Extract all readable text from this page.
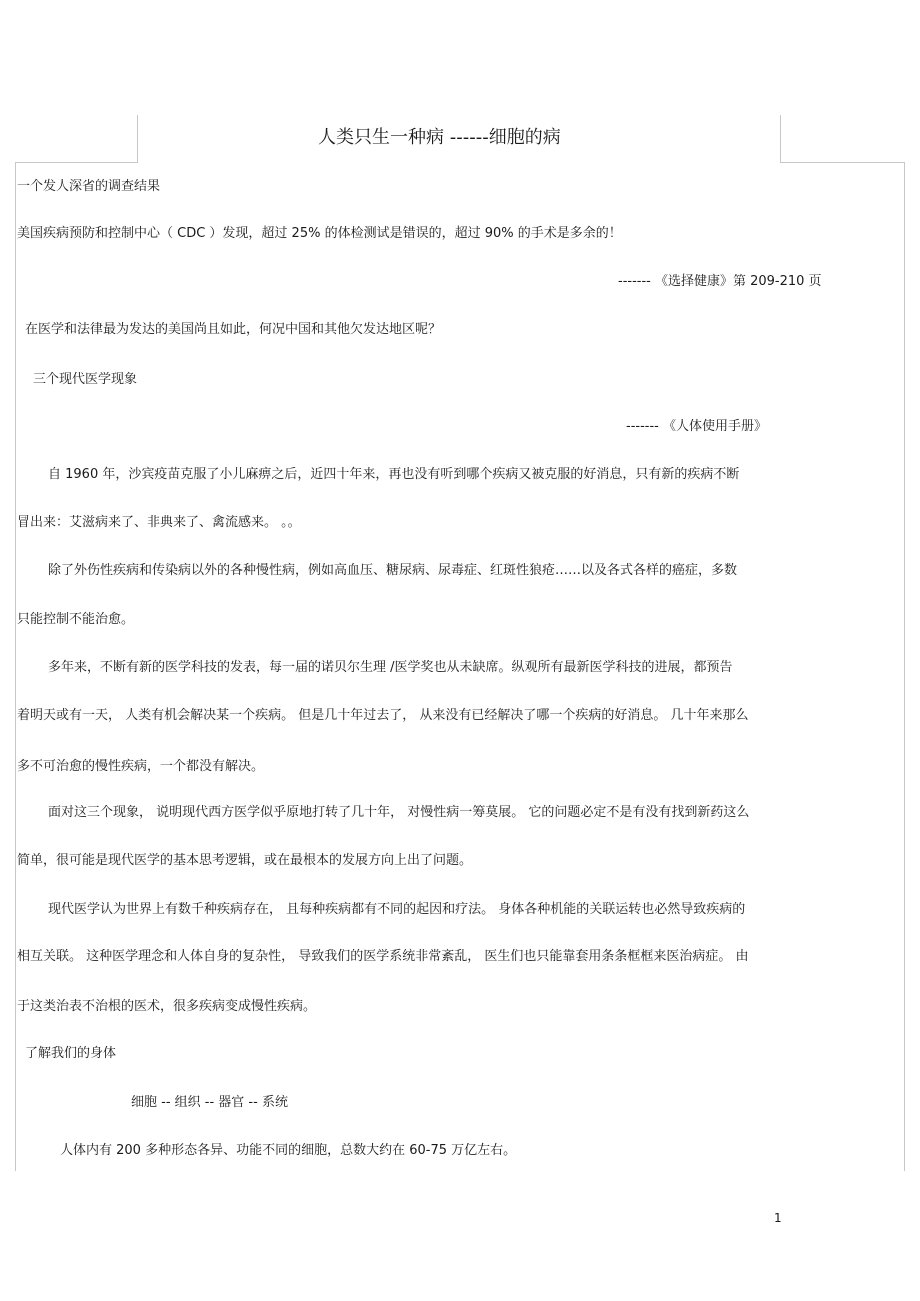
人类只生一种病 ------细胞的病
一个发人深省的调查结果
美国疾病预防和控制中心（ CDC ）发现，超过 25% 的体检测试是错误的，超过 90% 的手术是多余的！
------- 《选择健康》第 209-210 页
在医学和法律最为发达的美国尚且如此，何况中国和其他欠发达地区呢？
三个现代医学现象
------- 《人体使用手册》
自 1960 年，沙宾疫苗克服了小儿麻痹之后，近四十年来，再也没有听到哪个疾病又被克服的好消息，只有新的疾病不断
冒出来：艾滋病来了、非典来了、禽流感来。 。。
除了外伤性疾病和传染病以外的各种慢性病，例如高血压、糖尿病、尿毒症、红斑性狼疮……以及各式各样的癌症，多数
只能控制不能治愈。
多年来，不断有新的医学科技的发表，每一届的诺贝尔生理 /医学奖也从未缺席。纵观所有最新医学科技的进展，都预告
着明天或有一天， 人类有机会解决某一个疾病。 但是几十年过去了， 从来没有已经解决了哪一个疾病的好消息。 几十年来那么
多不可治愈的慢性疾病，一个都没有解决。
面对这三个现象， 说明现代西方医学似乎原地打转了几十年， 对慢性病一筹莫展。 它的问题必定不是有没有找到新药这么
简单，很可能是现代医学的基本思考逻辑，或在最根本的发展方向上出了问题。
现代医学认为世界上有数千种疾病存在， 且每种疾病都有不同的起因和疗法。 身体各种机能的关联运转也必然导致疾病的
相互关联。 这种医学理念和人体自身的复杂性， 导致我们的医学系统非常紊乱， 医生们也只能靠套用条条框框来医治病症。 由
于这类治表不治根的医术，很多疾病变成慢性疾病。
了解我们的身体
细胞 -- 组织 -- 器官 -- 系统
人体内有 200 多种形态各异、功能不同的细胞，总数大约在 60-75 万亿左右。
1
